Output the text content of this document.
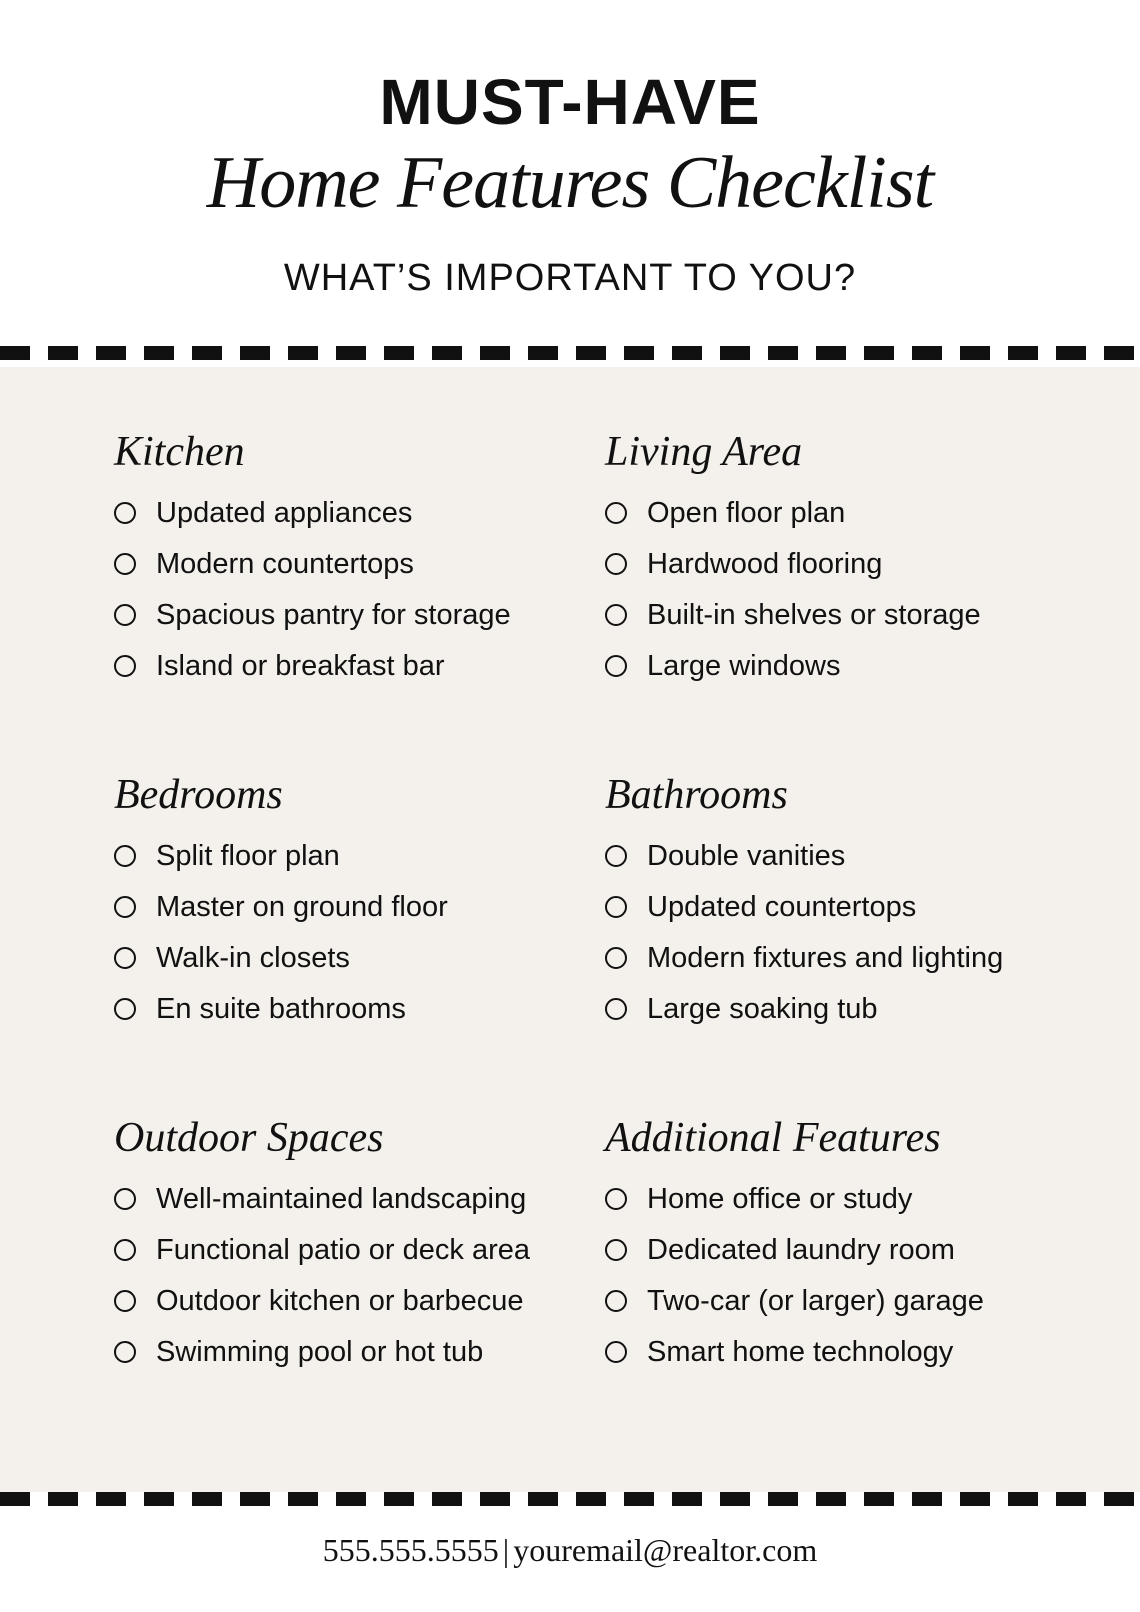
MUST-HAVE
Home Features Checklist
WHAT’S IMPORTANT TO YOU?
Kitchen
Updated appliances
Modern countertops
Spacious pantry for storage
Island or breakfast bar
Living Area
Open floor plan
Hardwood flooring
Built-in shelves or storage
Large windows
Bedrooms
Split floor plan
Master on ground floor
Walk-in closets
En suite bathrooms
Bathrooms
Double vanities
Updated countertops
Modern fixtures and lighting
Large soaking tub
Outdoor Spaces
Well-maintained landscaping
Functional patio or deck area
Outdoor kitchen or barbecue
Swimming pool or hot tub
Additional Features
Home office or study
Dedicated laundry room
Two-car (or larger) garage
Smart home technology
555.555.5555 | youremail@realtor.com
